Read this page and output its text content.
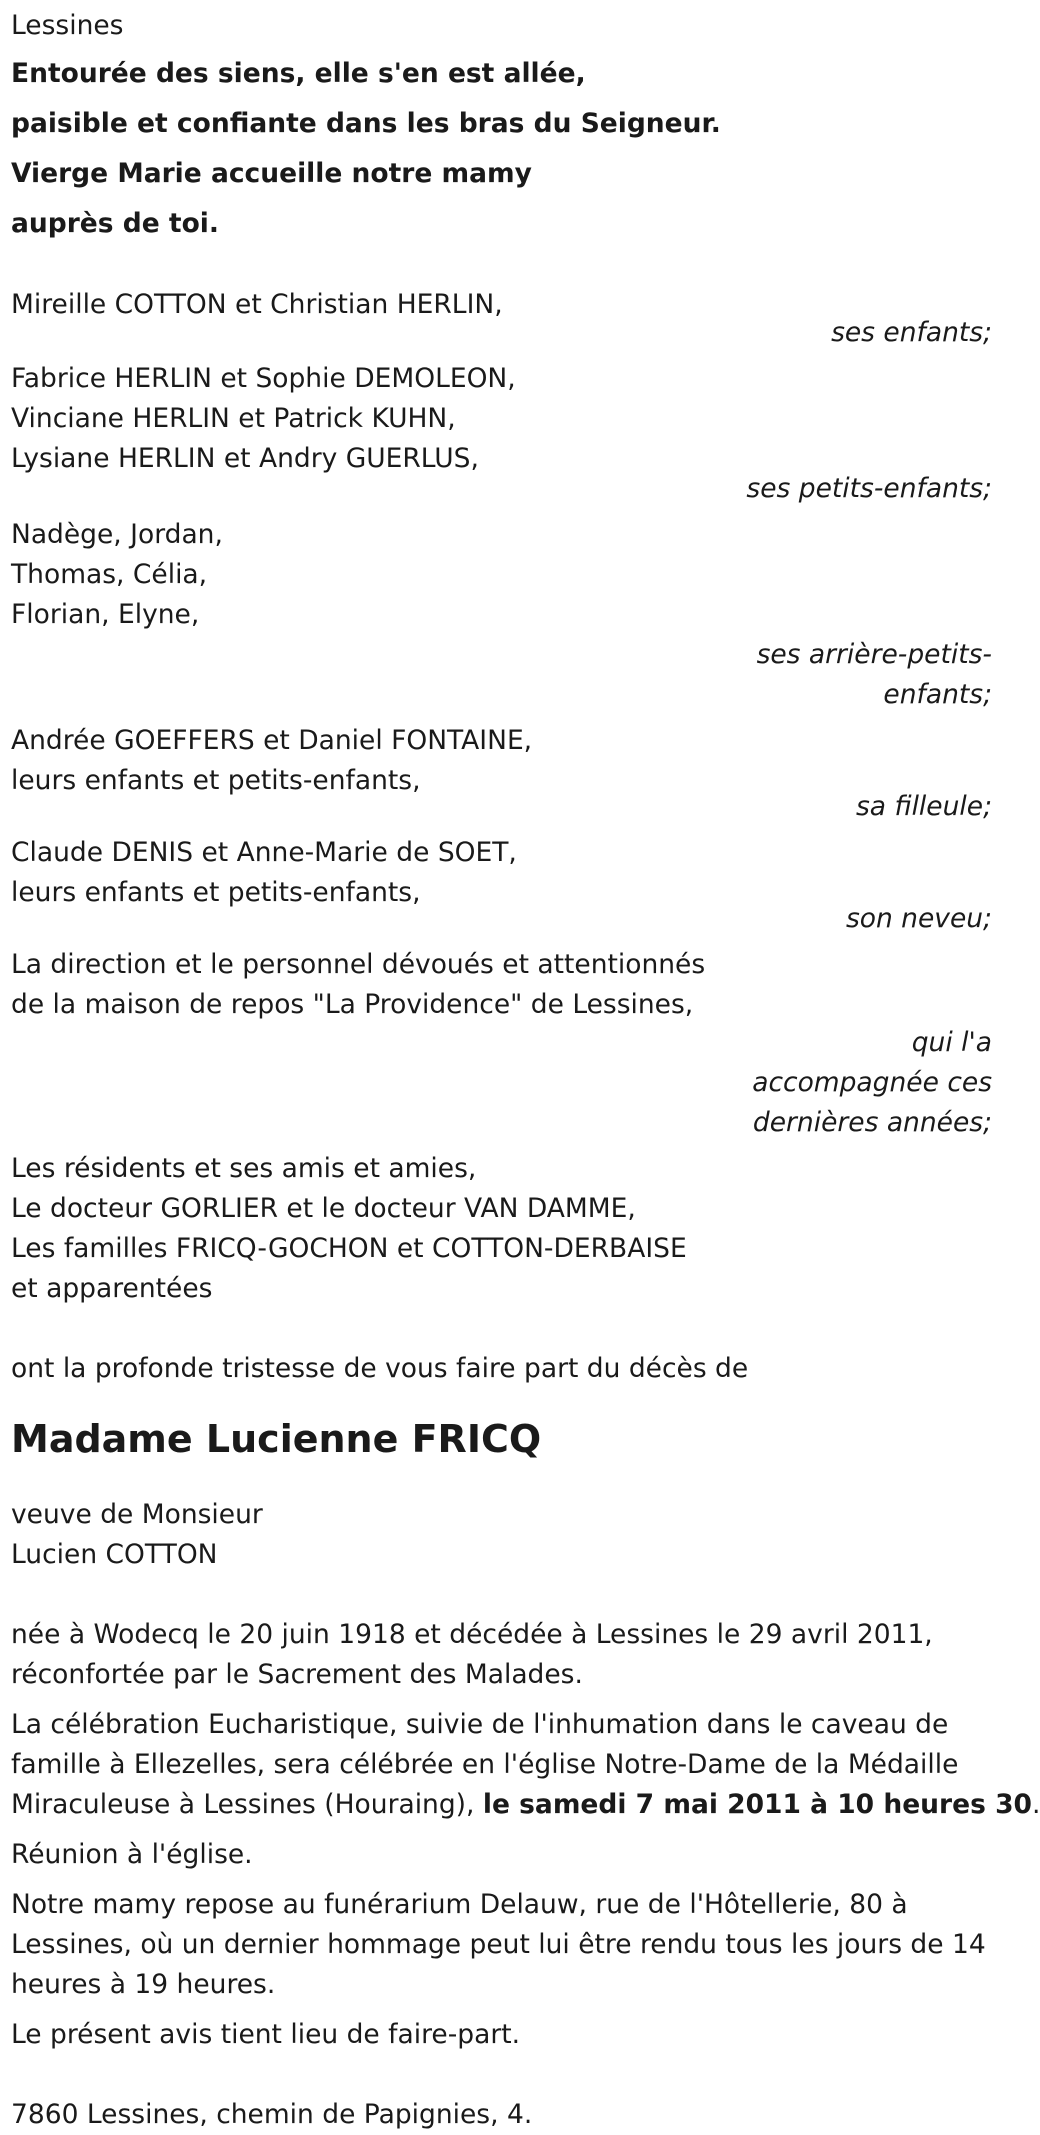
Lessines
Entourée des siens, elle s'en est allée,
paisible et confiante dans les bras du Seigneur.
Vierge Marie accueille notre mamy
auprès de toi.
Mireille COTTON et Christian HERLIN,
ses enfants;
Fabrice HERLIN et Sophie DEMOLEON,
Vinciane HERLIN et Patrick KUHN,
Lysiane HERLIN et Andry GUERLUS,
ses petits-enfants;
Nadège, Jordan,
Thomas, Célia,
Florian, Elyne,
ses arrière-petits-
enfants;
Andrée GOEFFERS et Daniel FONTAINE,
leurs enfants et petits-enfants,
sa filleule;
Claude DENIS et Anne-Marie de SOET,
leurs enfants et petits-enfants,
son neveu;
La direction et le personnel dévoués et attentionnés
de la maison de repos "La Providence" de Lessines,
qui l'a
accompagnée ces
dernières années;
Les résidents et ses amis et amies,
Le docteur GORLIER et le docteur VAN DAMME,
Les familles FRICQ-GOCHON et COTTON-DERBAISE
et apparentées
ont la profonde tristesse de vous faire part du décès de
Madame Lucienne FRICQ
veuve de Monsieur
Lucien COTTON
née à Wodecq le 20 juin 1918 et décédée à Lessines le 29 avril 2011,
réconfortée par le Sacrement des Malades.
La célébration Eucharistique, suivie de l'inhumation dans le caveau de
famille à Ellezelles, sera célébrée en l'église Notre-Dame de la Médaille
Miraculeuse à Lessines (Houraing), le samedi 7 mai 2011 à 10 heures 30.
Réunion à l'église.
Notre mamy repose au funérarium Delauw, rue de l'Hôtellerie, 80 à
Lessines, où un dernier hommage peut lui être rendu tous les jours de 14
heures à 19 heures.
Le présent avis tient lieu de faire-part.
7860 Lessines, chemin de Papignies, 4.
